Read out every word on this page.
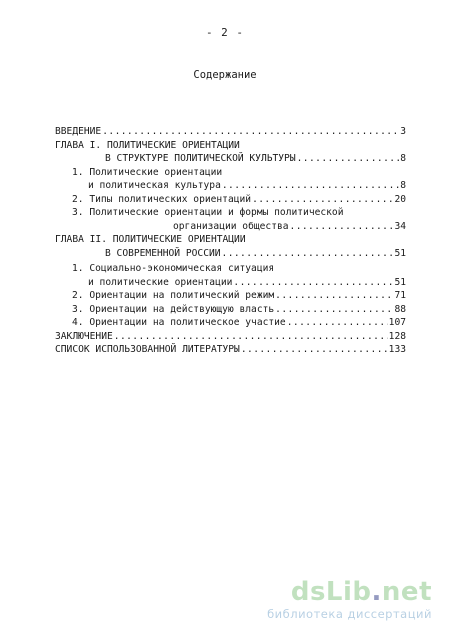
- 2 -
Содержание
ВВЕДЕНИЕ .....	3
ГЛАВА I. ПОЛИТИЧЕСКИЕ ОРИЕНТАЦИИ
В СТРУКТУРЕ ПОЛИТИЧЕСКОЙ КУЛЬТУРЫ .....	8
1. Политические ориентации
и политическая культура .....	8
2. Типы политических ориентаций .....	20
3. Политические ориентации и формы политической
организации общества .....	34
ГЛАВА II. ПОЛИТИЧЕСКИЕ ОРИЕНТАЦИИ
В СОВРЕМЕННОЙ РОССИИ .....	51
1. Социально-экономическая ситуация
и политические ориентации .....	51
2. Ориентации на политический режим .....	71
3. Ориентации на действующую власть .....	88
4. Ориентации на политическое участие .....	107
ЗАКЛЮЧЕНИЕ .....	128
СПИСОК ИСПОЛЬЗОВАННОЙ ЛИТЕРАТУРЫ .....	133
dsLib.net
библиотека диссертаций
